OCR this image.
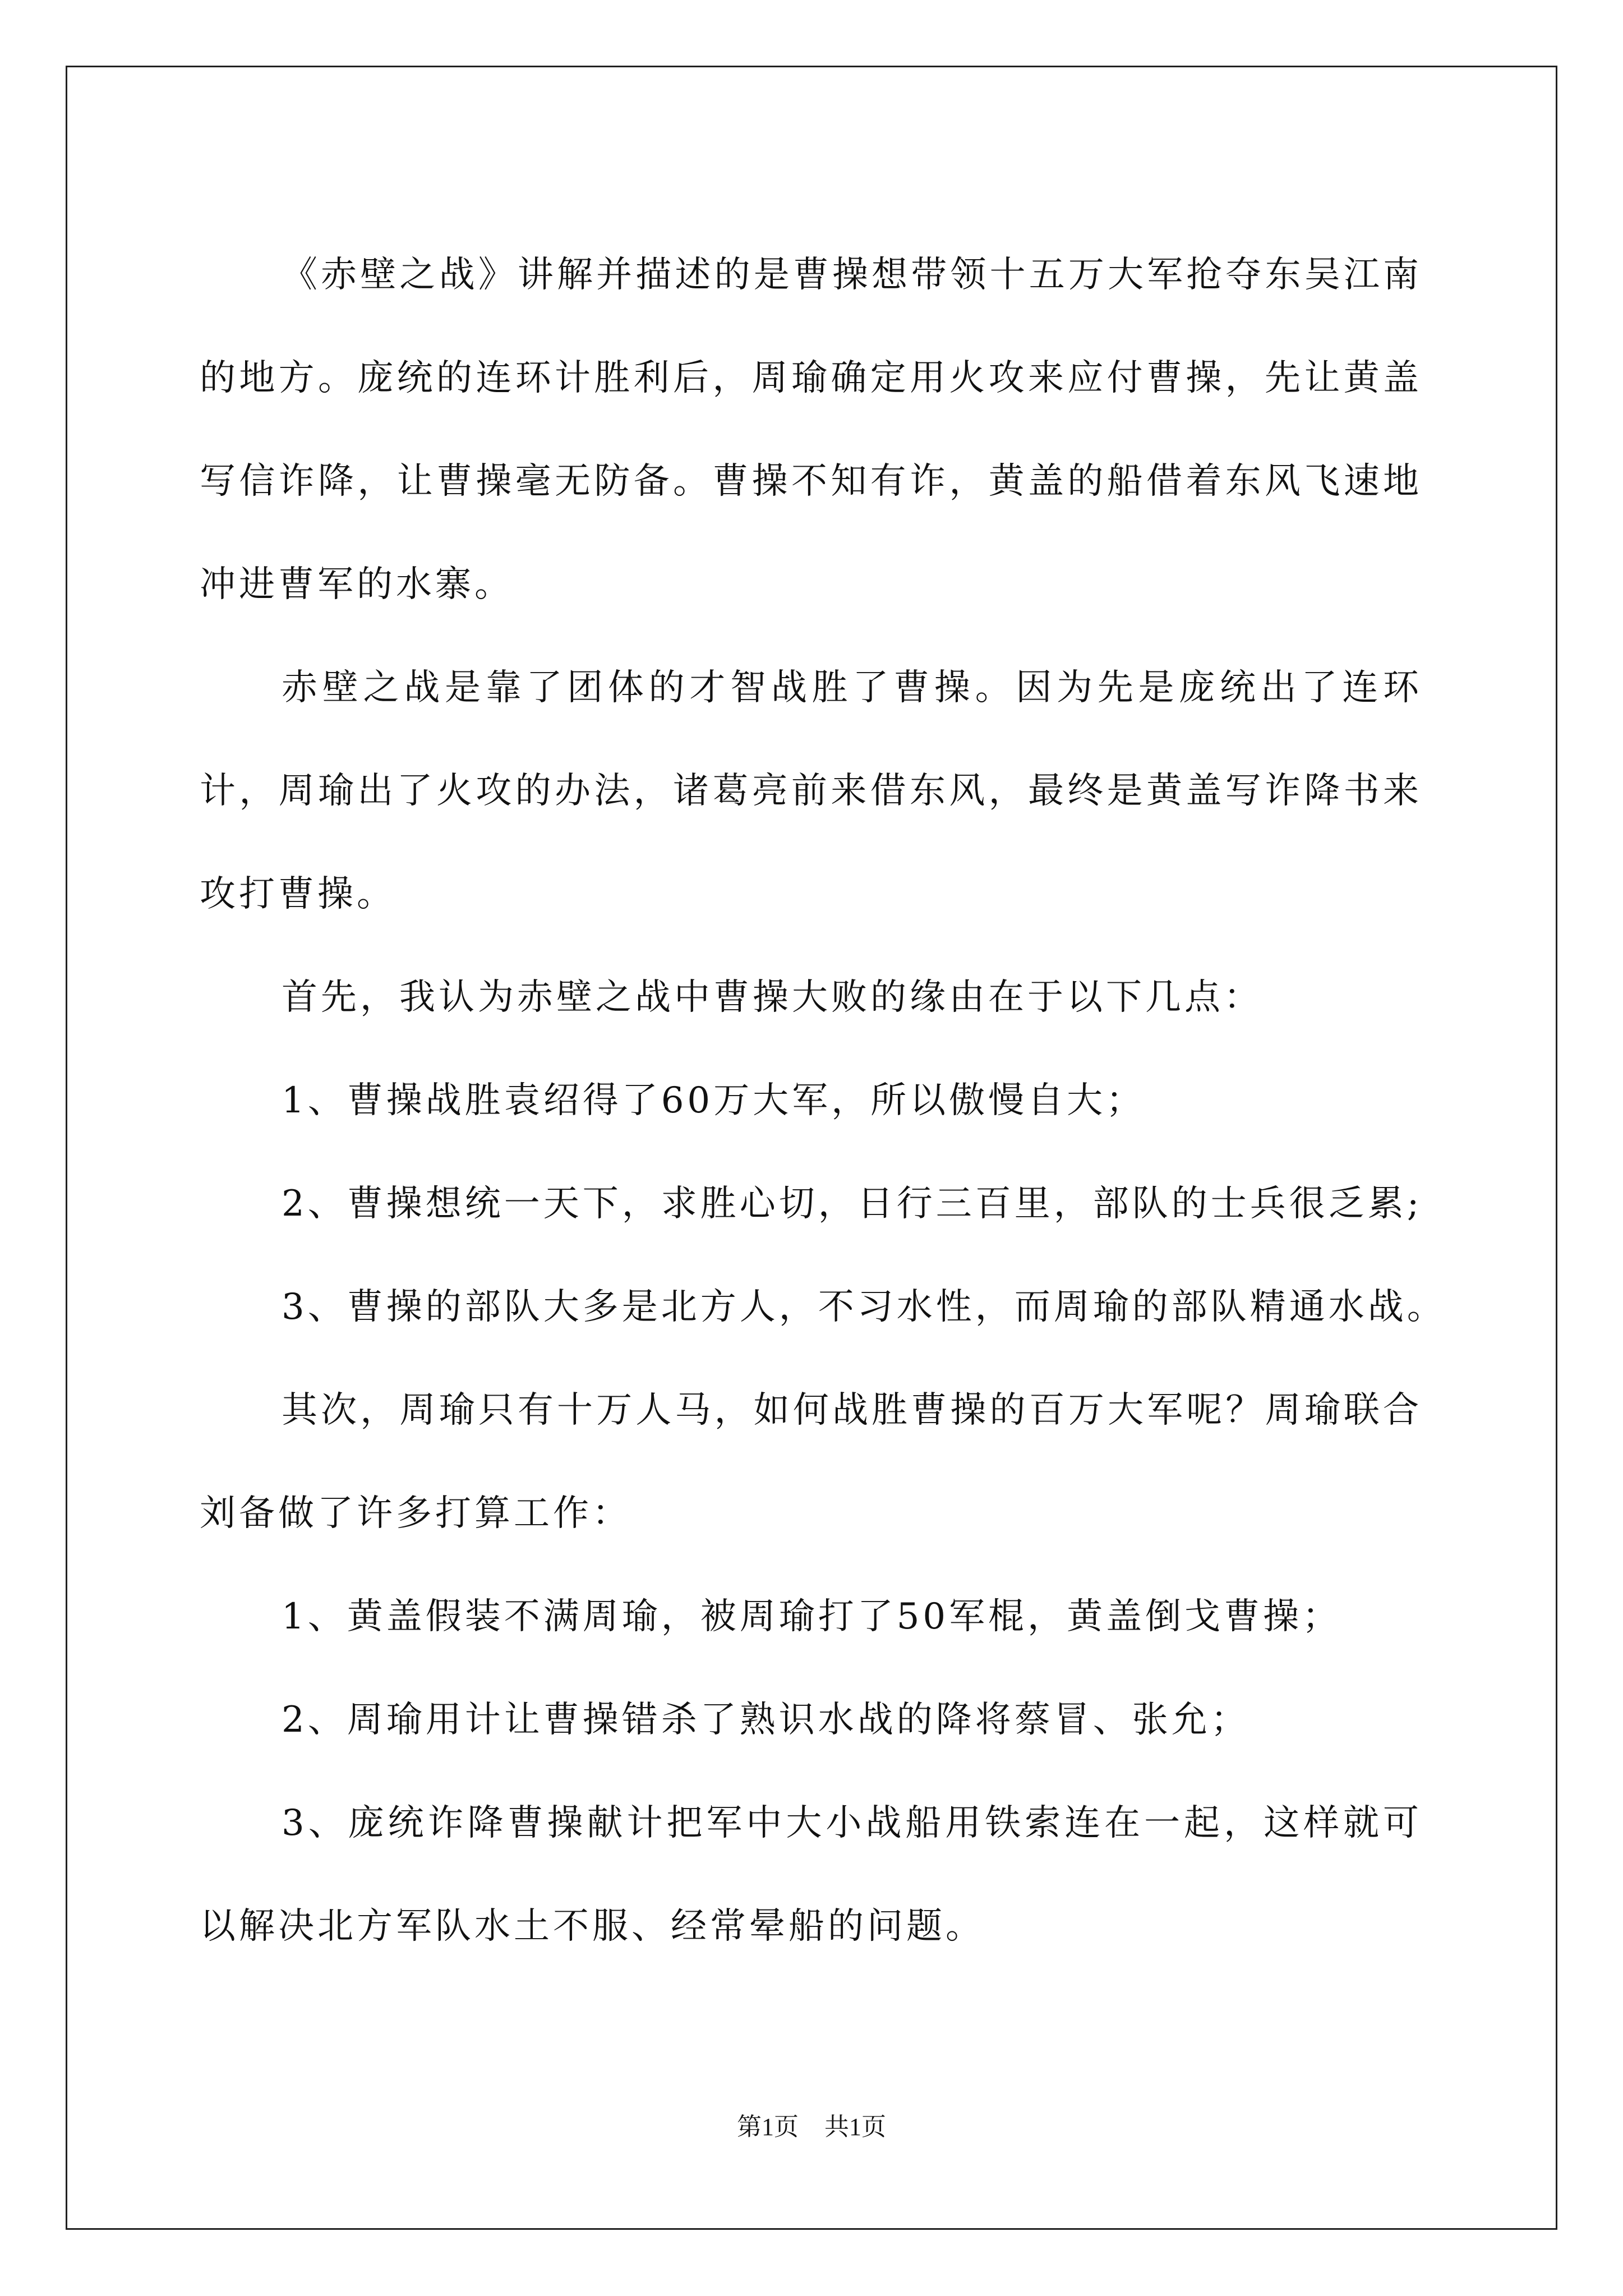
《赤壁之战》讲解并描述的是曹操想带领十五万大军抢夺东吴江南的地方。庞统的连环计胜利后，周瑜确定用火攻来应付曹操，先让黄盖写信诈降，让曹操毫无防备。曹操不知有诈，黄盖的船借着东风飞速地冲进曹军的水寨。

赤壁之战是靠了团体的才智战胜了曹操。因为先是庞统出了连环计，周瑜出了火攻的办法，诸葛亮前来借东风，最终是黄盖写诈降书来攻打曹操。

首先，我认为赤壁之战中曹操大败的缘由在于以下几点：

1、曹操战胜袁绍得了60万大军，所以傲慢自大；

2、曹操想统一天下，求胜心切，日行三百里，部队的士兵很乏累;

3、曹操的部队大多是北方人，不习水性，而周瑜的部队精通水战。

其次，周瑜只有十万人马，如何战胜曹操的百万大军呢？周瑜联合刘备做了许多打算工作：

1、黄盖假装不满周瑜，被周瑜打了50军棍，黄盖倒戈曹操；

2、周瑜用计让曹操错杀了熟识水战的降将蔡冒、张允；

3、庞统诈降曹操献计把军中大小战船用铁索连在一起，这样就可以解决北方军队水土不服、经常晕船的问题。

第1页 共1页
